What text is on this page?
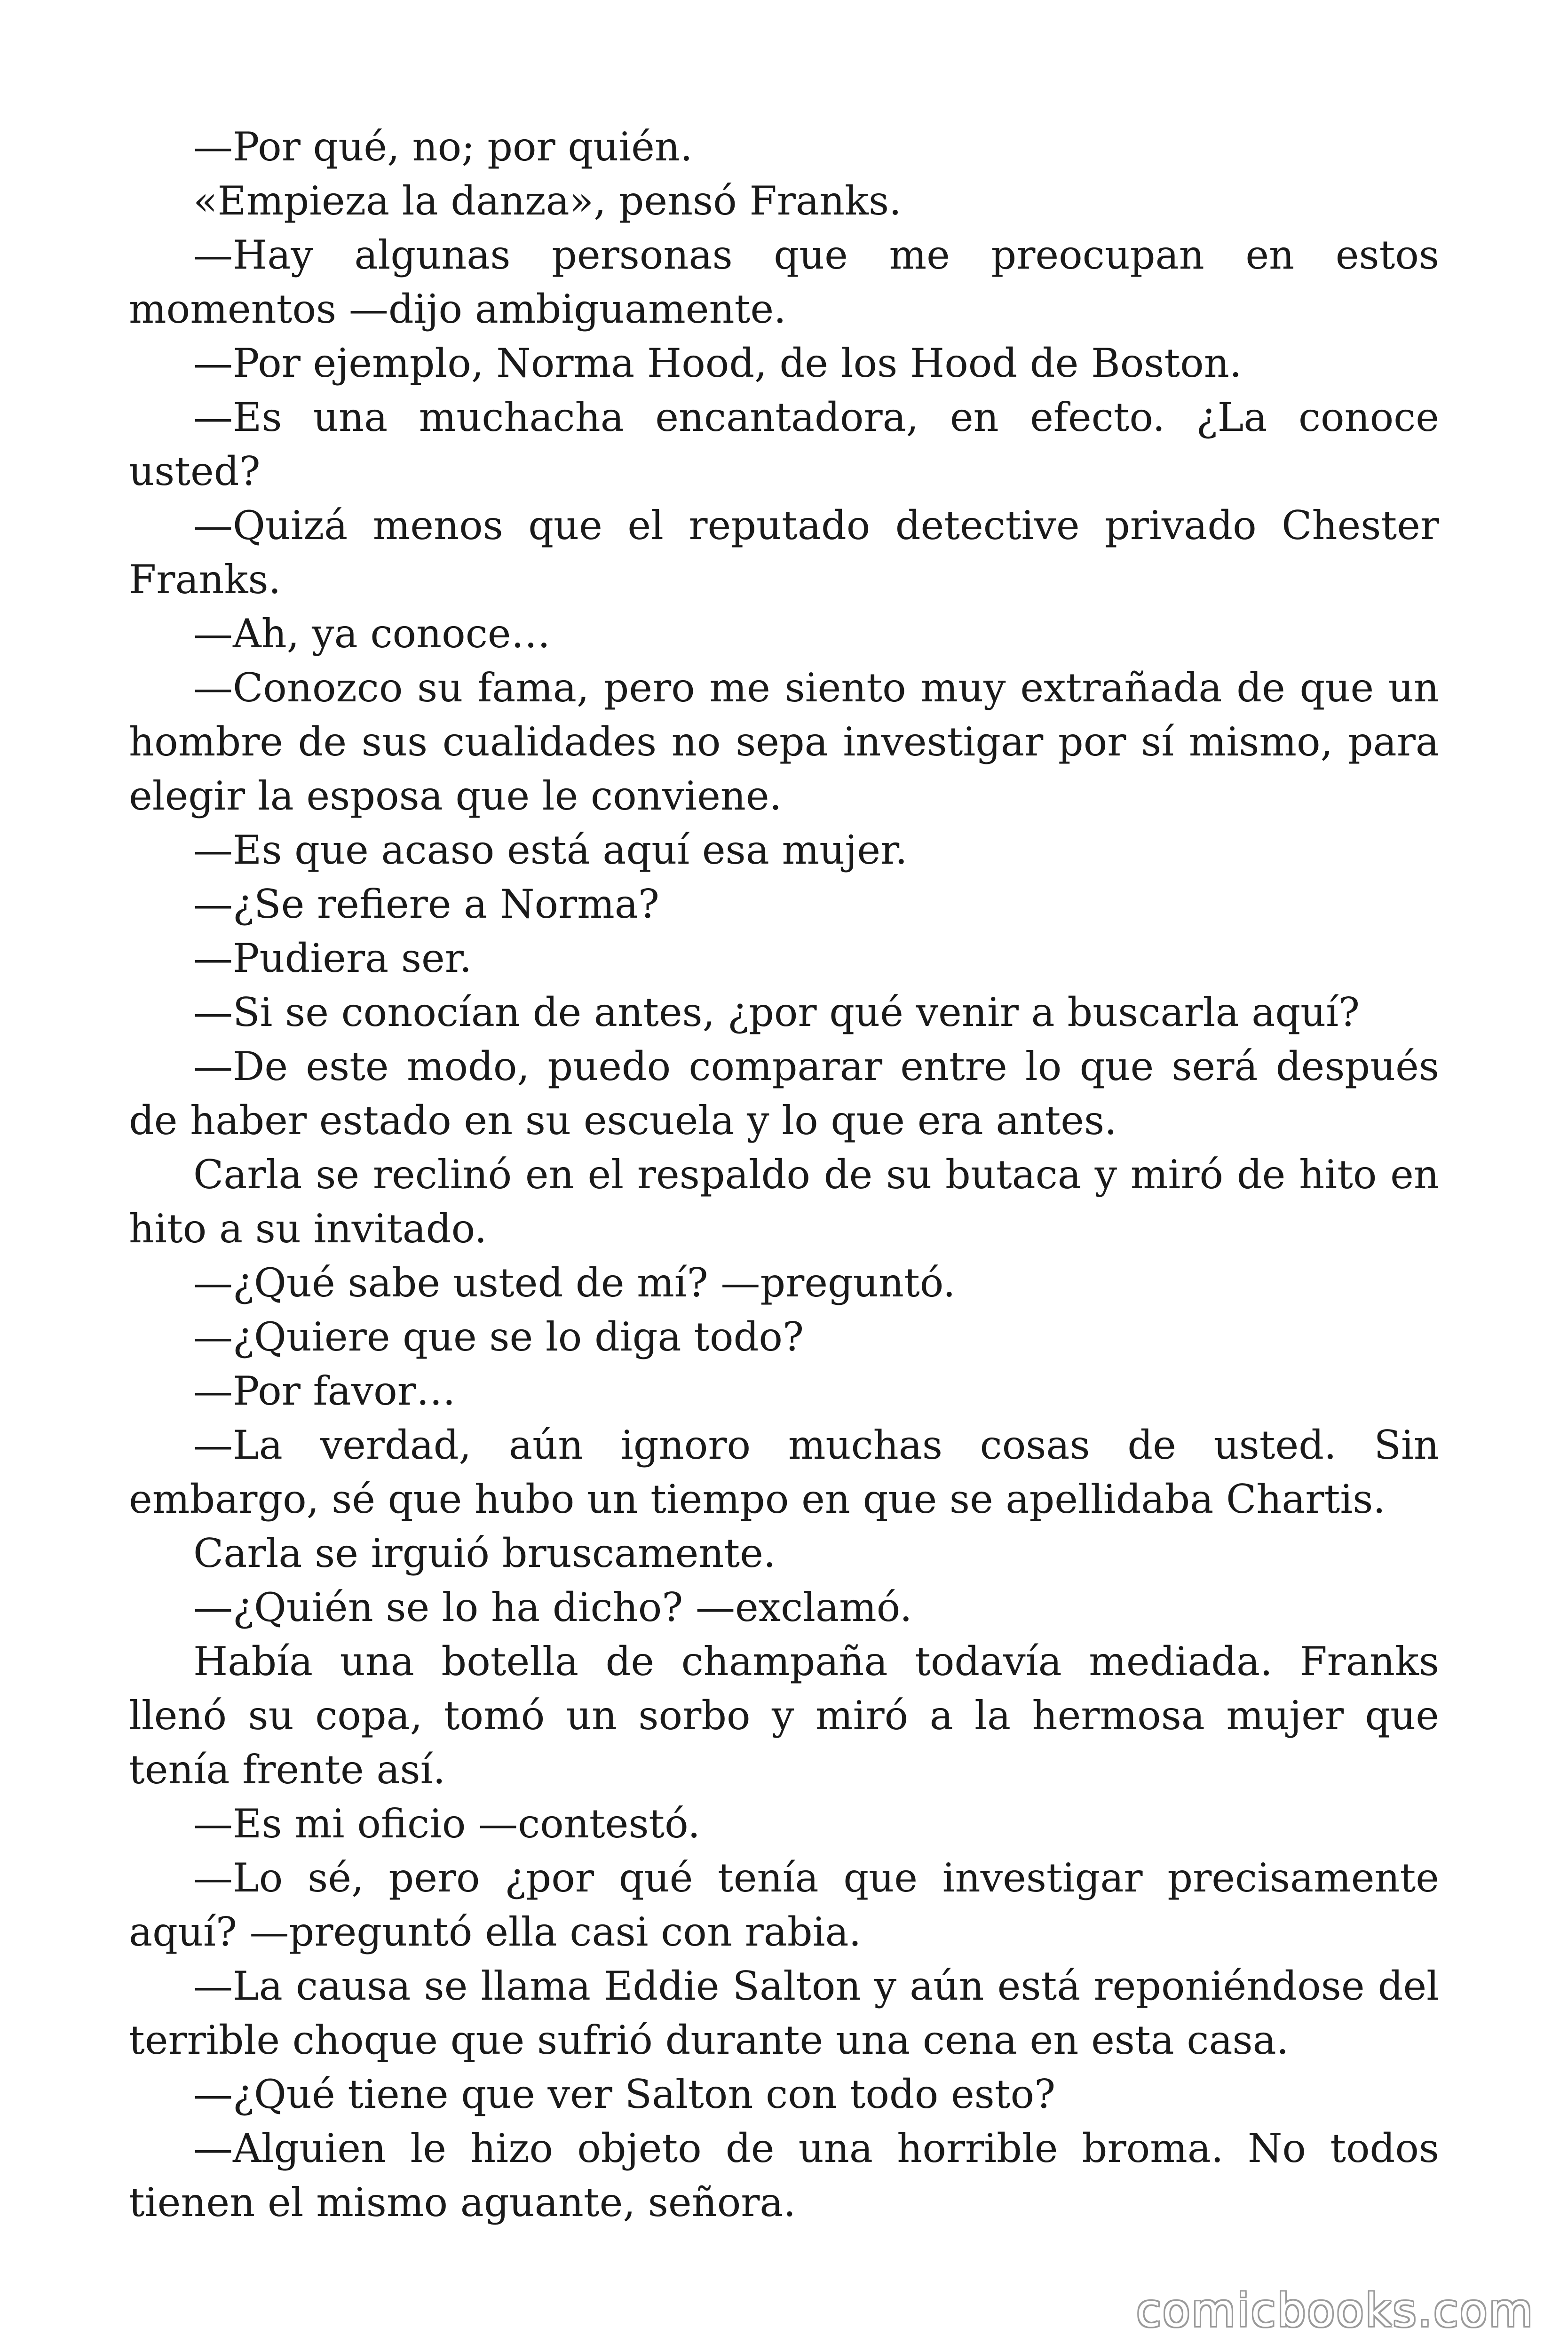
—Por qué, no; por quién.

«Empieza la danza», pensó Franks.

—Hay algunas personas que me preocupan en estos momentos —dijo ambiguamente.

—Por ejemplo, Norma Hood, de los Hood de Boston.

—Es una muchacha encantadora, en efecto. ¿La conoce usted?

—Quizá menos que el reputado detective privado Chester Franks.

—Ah, ya conoce…

—Conozco su fama, pero me siento muy extrañada de que un hombre de sus cualidades no sepa investigar por sí mismo, para elegir la esposa que le conviene.

—Es que acaso está aquí esa mujer.

—¿Se refiere a Norma?

—Pudiera ser.

—Si se conocían de antes, ¿por qué venir a buscarla aquí?

—De este modo, puedo comparar entre lo que será después de haber estado en su escuela y lo que era antes.

Carla se reclinó en el respaldo de su butaca y miró de hito en hito a su invitado.

—¿Qué sabe usted de mí? —preguntó.

—¿Quiere que se lo diga todo?

—Por favor…

—La verdad, aún ignoro muchas cosas de usted. Sin embargo, sé que hubo un tiempo en que se apellidaba Chartis.

Carla se irguió bruscamente.

—¿Quién se lo ha dicho? —exclamó.

Había una botella de champaña todavía mediada. Franks llenó su copa, tomó un sorbo y miró a la hermosa mujer que tenía frente así.

—Es mi oficio —contestó.

—Lo sé, pero ¿por qué tenía que investigar precisamente aquí? —preguntó ella casi con rabia.

—La causa se llama Eddie Salton y aún está reponiéndose del terrible choque que sufrió durante una cena en esta casa.

—¿Qué tiene que ver Salton con todo esto?

—Alguien le hizo objeto de una horrible broma. No todos tienen el mismo aguante, señora.

comicbooks.com
